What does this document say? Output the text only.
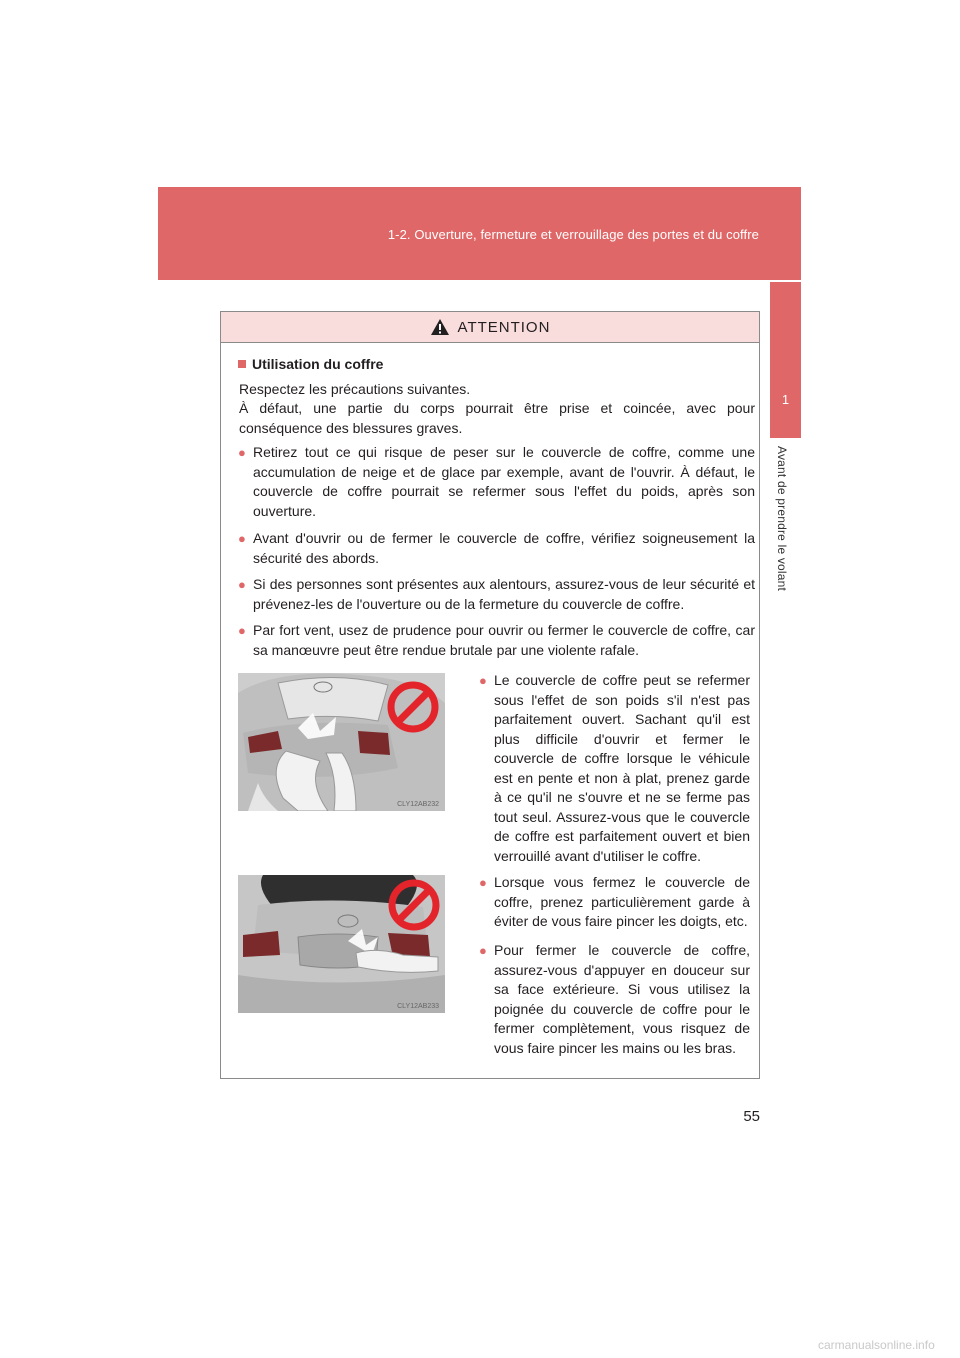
1-2. Ouverture, fermeture et verrouillage des portes et du coffre
1
Avant de prendre le volant
ATTENTION
Utilisation du coffre
Respectez les précautions suivantes.
À défaut, une partie du corps pourrait être prise et coincée, avec pour conséquence des blessures graves.
● Retirez tout ce qui risque de peser sur le couvercle de coffre, comme une accumulation de neige et de glace par exemple, avant de l'ouvrir. À défaut, le couvercle de coffre pourrait se refermer sous l'effet du poids, après son ouverture.
● Avant d'ouvrir ou de fermer le couvercle de coffre, vérifiez soigneusement la sécurité des abords.
● Si des personnes sont présentes aux alentours, assurez-vous de leur sécurité et prévenez-les de l'ouverture ou de la fermeture du couvercle de coffre.
● Par fort vent, usez de prudence pour ouvrir ou fermer le couvercle de coffre, car sa manœuvre peut être rendue brutale par une violente rafale.
CLY12AB232
● Le couvercle de coffre peut se refermer sous l'effet de son poids s'il n'est pas parfaitement ouvert. Sachant qu'il est plus difficile d'ouvrir et fermer le couvercle de coffre lorsque le véhicule est en pente et non à plat, prenez garde à ce qu'il ne s'ouvre et ne se ferme pas tout seul. Assurez-vous que le couvercle de coffre est parfaitement ouvert et bien verrouillé avant d'utiliser le coffre.
CLY12AB233
● Lorsque vous fermez le couvercle de coffre, prenez particulièrement garde à éviter de vous faire pincer les doigts, etc.
● Pour fermer le couvercle de coffre, assurez-vous d'appuyer en douceur sur sa face extérieure. Si vous utilisez la poignée du couvercle de coffre pour le fermer complètement, vous risquez de vous faire pincer les mains ou les bras.
55
carmanualsonline.info
